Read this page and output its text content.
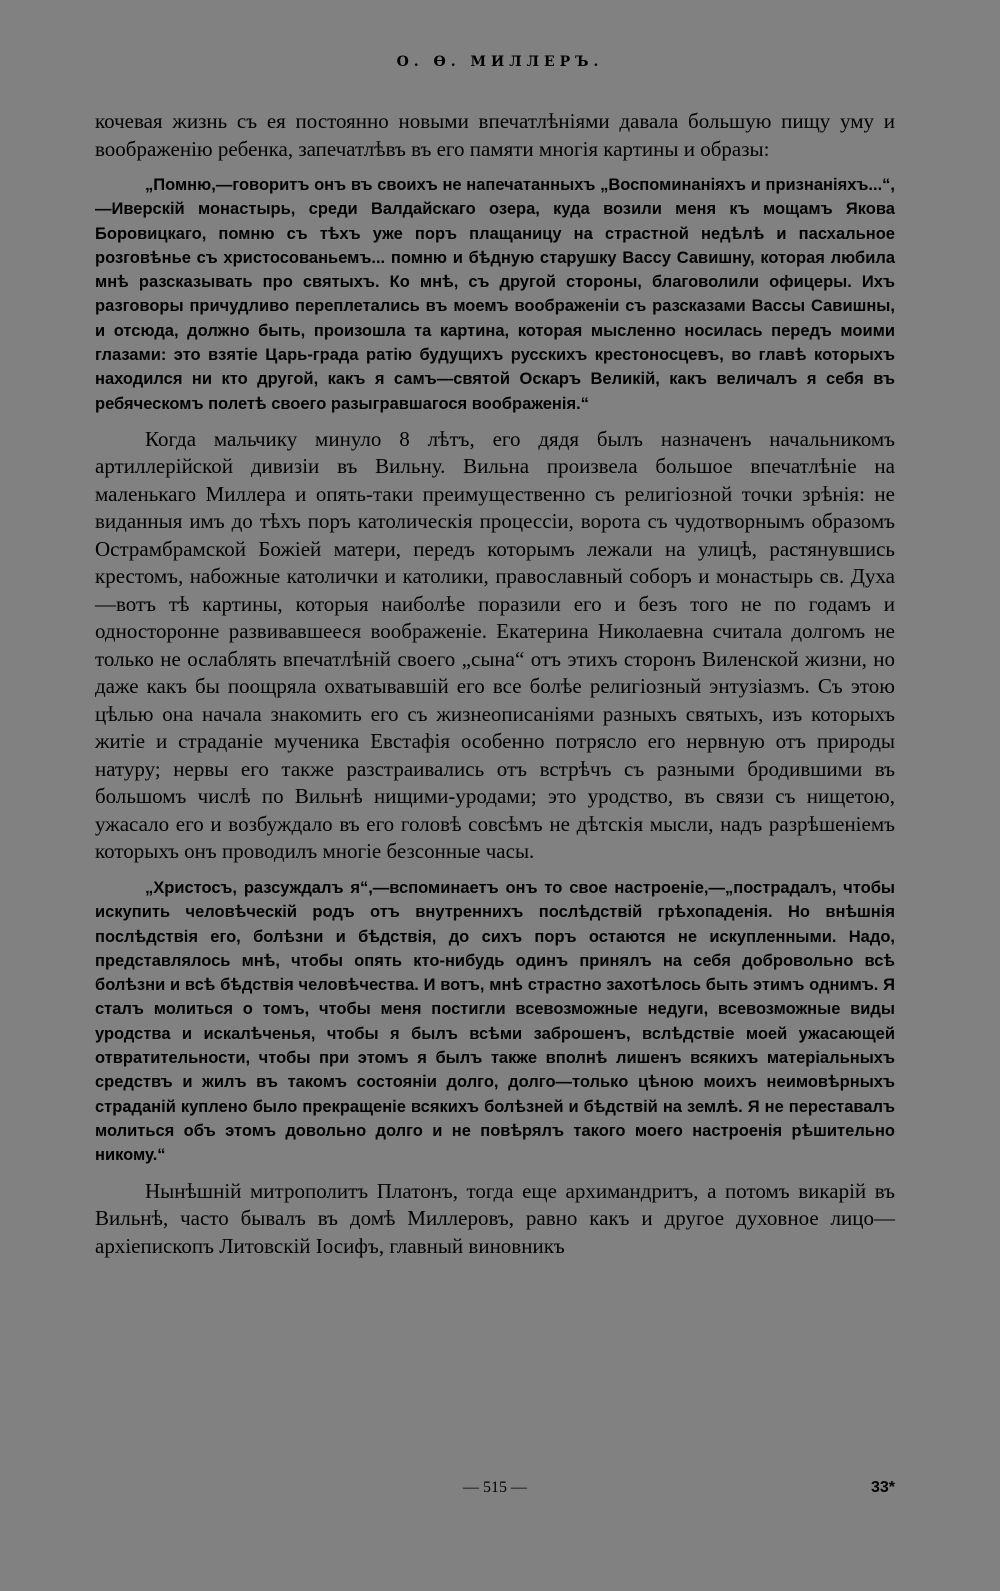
О. Ѳ. МИЛЛЕРЪ.

кочевая жизнь съ ея постоянно новыми впечатлѣніями давала большую пищу уму и воображенію ребенка, запечатлѣвъ въ его памяти многія картины и образы:

„Помню,—говоритъ онъ въ своихъ не напечатанныхъ „Воспоминаніяхъ и признаніяхъ...“,—Иверскій монастырь, среди Валдайскаго озера, куда возили меня къ мощамъ Якова Боровицкаго, помню съ тѣхъ уже поръ плащаницу на страстной недѣлѣ и пасхальное розговѣнье съ христосованьемъ... помню и бѣдную старушку Вассу Савишну, которая любила мнѣ разсказывать про святыхъ. Ко мнѣ, съ другой стороны, благоволили офицеры. Ихъ разговоры причудливо переплетались въ моемъ воображеніи съ разсказами Вассы Савишны, и отсюда, должно быть, произошла та картина, которая мысленно носилась передъ моими глазами: это взятіе Царь-града ратію будущихъ русскихъ крестоносцевъ, во главѣ которыхъ находился ни кто другой, какъ я самъ—святой Оскаръ Великій, какъ величалъ я себя въ ребяческомъ полетѣ своего разыгравшагося воображенія.“

Когда мальчику минуло 8 лѣтъ, его дядя былъ назначенъ начальникомъ артиллерійской дивизіи въ Вильну. Вильна произвела большое впечатлѣніе на маленькаго Миллера и опять-таки преимущественно съ религіозной точки зрѣнія: не виданныя имъ до тѣхъ поръ католическія процессіи, ворота съ чудотворнымъ образомъ Острамбрамской Божіей матери, передъ которымъ лежали на улицѣ, растянувшись крестомъ, набожные католички и католики, православный соборъ и монастырь св. Духа—вотъ тѣ картины, которыя наиболѣе поразили его и безъ того не по годамъ и односторонне развивавшееся воображеніе. Екатерина Николаевна считала долгомъ не только не ослаблять впечатлѣній своего „сына“ отъ этихъ сторонъ Виленской жизни, но даже какъ бы поощряла охватывавшій его все болѣе религіозный энтузіазмъ. Съ этою цѣлью она начала знакомить его съ жизнеописаніями разныхъ святыхъ, изъ которыхъ житіе и страданіе мученика Евстафія особенно потрясло его нервную отъ природы натуру; нервы его также разстраивались отъ встрѣчъ съ разными бродившими въ большомъ числѣ по Вильнѣ нищими-уродами; это уродство, въ связи съ нищетою, ужасало его и возбуждало въ его головѣ совсѣмъ не дѣтскія мысли, надъ разрѣшеніемъ которыхъ онъ проводилъ многіе безсонные часы.

„Христосъ, разсуждалъ я“,—вспоминаетъ онъ то свое настроеніе,—„пострадалъ, чтобы искупить человѣческій родъ отъ внутреннихъ послѣдствій грѣхопаденія. Но внѣшнія послѣдствія его, болѣзни и бѣдствія, до сихъ поръ остаются не искупленными. Надо, представлялось мнѣ, чтобы опять кто-нибудь одинъ принялъ на себя добровольно всѣ болѣзни и всѣ бѣдствія человѣчества. И вотъ, мнѣ страстно захотѣлось быть этимъ однимъ. Я сталъ молиться о томъ, чтобы меня постигли всевозможные недуги, всевозможные виды уродства и искалѣченья, чтобы я былъ всѣми заброшенъ, вслѣдствіе моей ужасающей отвратительности, чтобы при этомъ я былъ также вполнѣ лишенъ всякихъ матеріальныхъ средствъ и жилъ въ такомъ состояніи долго, долго—только цѣною моихъ неимовѣрныхъ страданій куплено было прекращеніе всякихъ болѣзней и бѣдствій на землѣ. Я не переставалъ молиться объ этомъ довольно долго и не повѣрялъ такого моего настроенія рѣшительно никому.“

Нынѣшній митрополитъ Платонъ, тогда еще архимандритъ, а потомъ викарій въ Вильнѣ, часто бывалъ въ домѣ Миллеровъ, равно какъ и другое духовное лицо—архіепископъ Литовскій Іосифъ, главный виновникъ

— 515 —	33*
